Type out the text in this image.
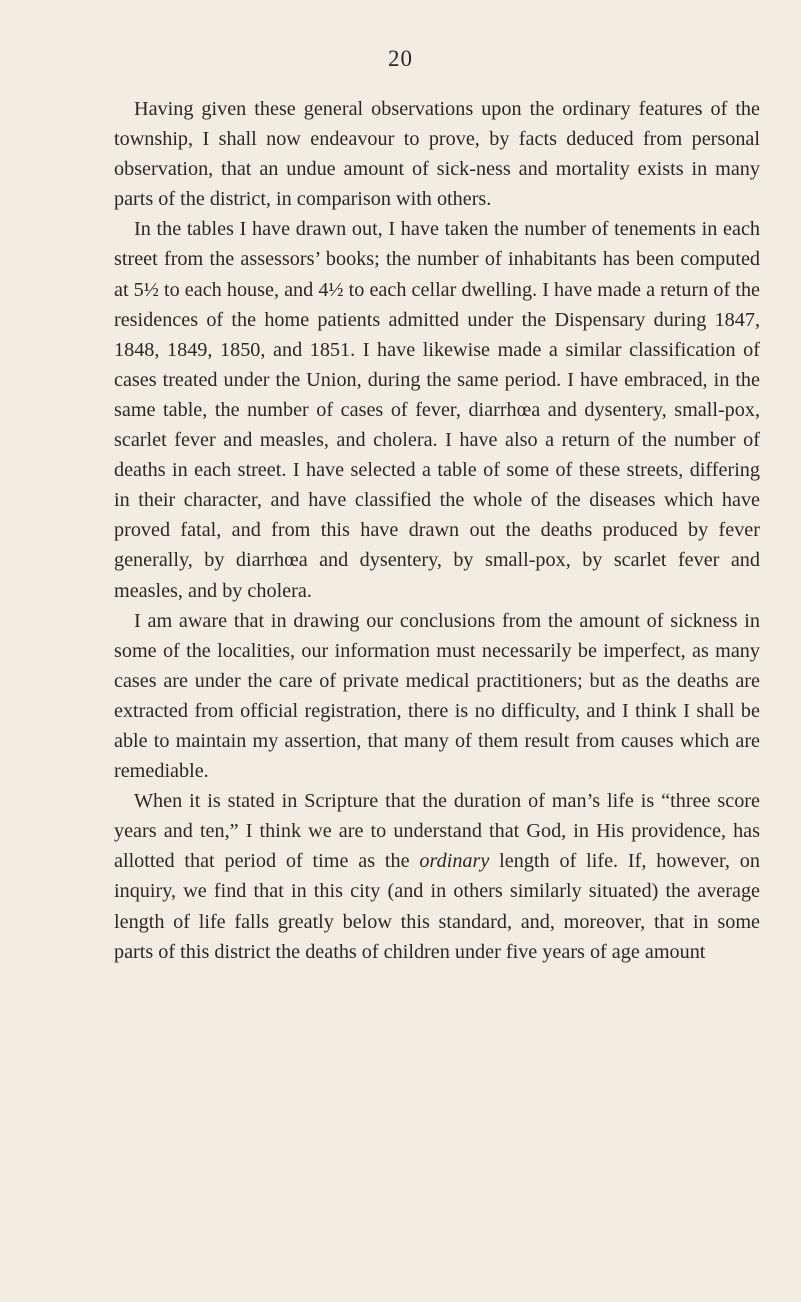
20

Having given these general observations upon the ordinary features of the township, I shall now endeavour to prove, by facts deduced from personal observation, that an undue amount of sick-ness and mortality exists in many parts of the district, in comparison with others.

In the tables I have drawn out, I have taken the number of tenements in each street from the assessors’ books; the number of inhabitants has been computed at 5½ to each house, and 4½ to each cellar dwelling. I have made a return of the residences of the home patients admitted under the Dispensary during 1847, 1848, 1849, 1850, and 1851. I have likewise made a similar classification of cases treated under the Union, during the same period. I have embraced, in the same table, the number of cases of fever, diarrhœa and dysentery, small-pox, scarlet fever and measles, and cholera. I have also a return of the number of deaths in each street. I have selected a table of some of these streets, differing in their character, and have classified the whole of the diseases which have proved fatal, and from this have drawn out the deaths produced by fever generally, by diarrhœa and dysentery, by small-pox, by scarlet fever and measles, and by cholera.

I am aware that in drawing our conclusions from the amount of sickness in some of the localities, our information must necessarily be imperfect, as many cases are under the care of private medical practitioners; but as the deaths are extracted from official registration, there is no difficulty, and I think I shall be able to maintain my assertion, that many of them result from causes which are remediable.

When it is stated in Scripture that the duration of man’s life is “three score years and ten,” I think we are to understand that God, in His providence, has allotted that period of time as the ordinary length of life. If, however, on inquiry, we find that in this city (and in others similarly situated) the average length of life falls greatly below this standard, and, moreover, that in some parts of this district the deaths of children under five years of age amount
